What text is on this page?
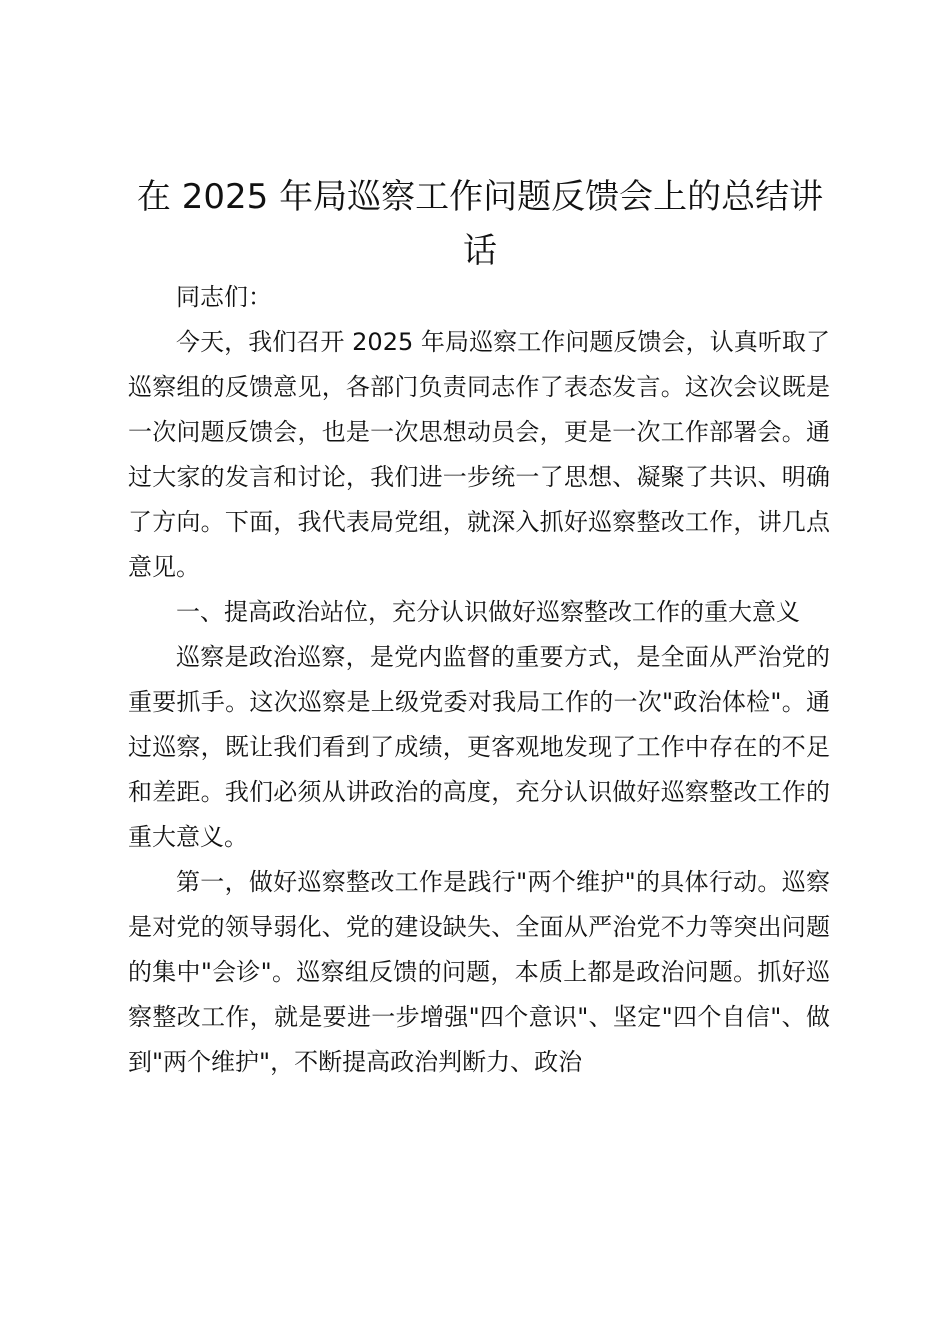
在 2025 年局巡察工作问题反馈会上的总结讲话

同志们：

今天，我们召开 2025 年局巡察工作问题反馈会，认真听取了巡察组的反馈意见，各部门负责同志作了表态发言。这次会议既是一次问题反馈会，也是一次思想动员会，更是一次工作部署会。通过大家的发言和讨论，我们进一步统一了思想、凝聚了共识、明确了方向。下面，我代表局党组，就深入抓好巡察整改工作，讲几点意见。

一、提高政治站位，充分认识做好巡察整改工作的重大意义

巡察是政治巡察，是党内监督的重要方式，是全面从严治党的重要抓手。这次巡察是上级党委对我局工作的一次"政治体检"。通过巡察，既让我们看到了成绩，更客观地发现了工作中存在的不足和差距。我们必须从讲政治的高度，充分认识做好巡察整改工作的重大意义。

第一，做好巡察整改工作是践行"两个维护"的具体行动。巡察是对党的领导弱化、党的建设缺失、全面从严治党不力等突出问题的集中"会诊"。巡察组反馈的问题，本质上都是政治问题。抓好巡察整改工作，就是要进一步增强"四个意识"、坚定"四个自信"、做到"两个维护"，不断提高政治判断力、政治
